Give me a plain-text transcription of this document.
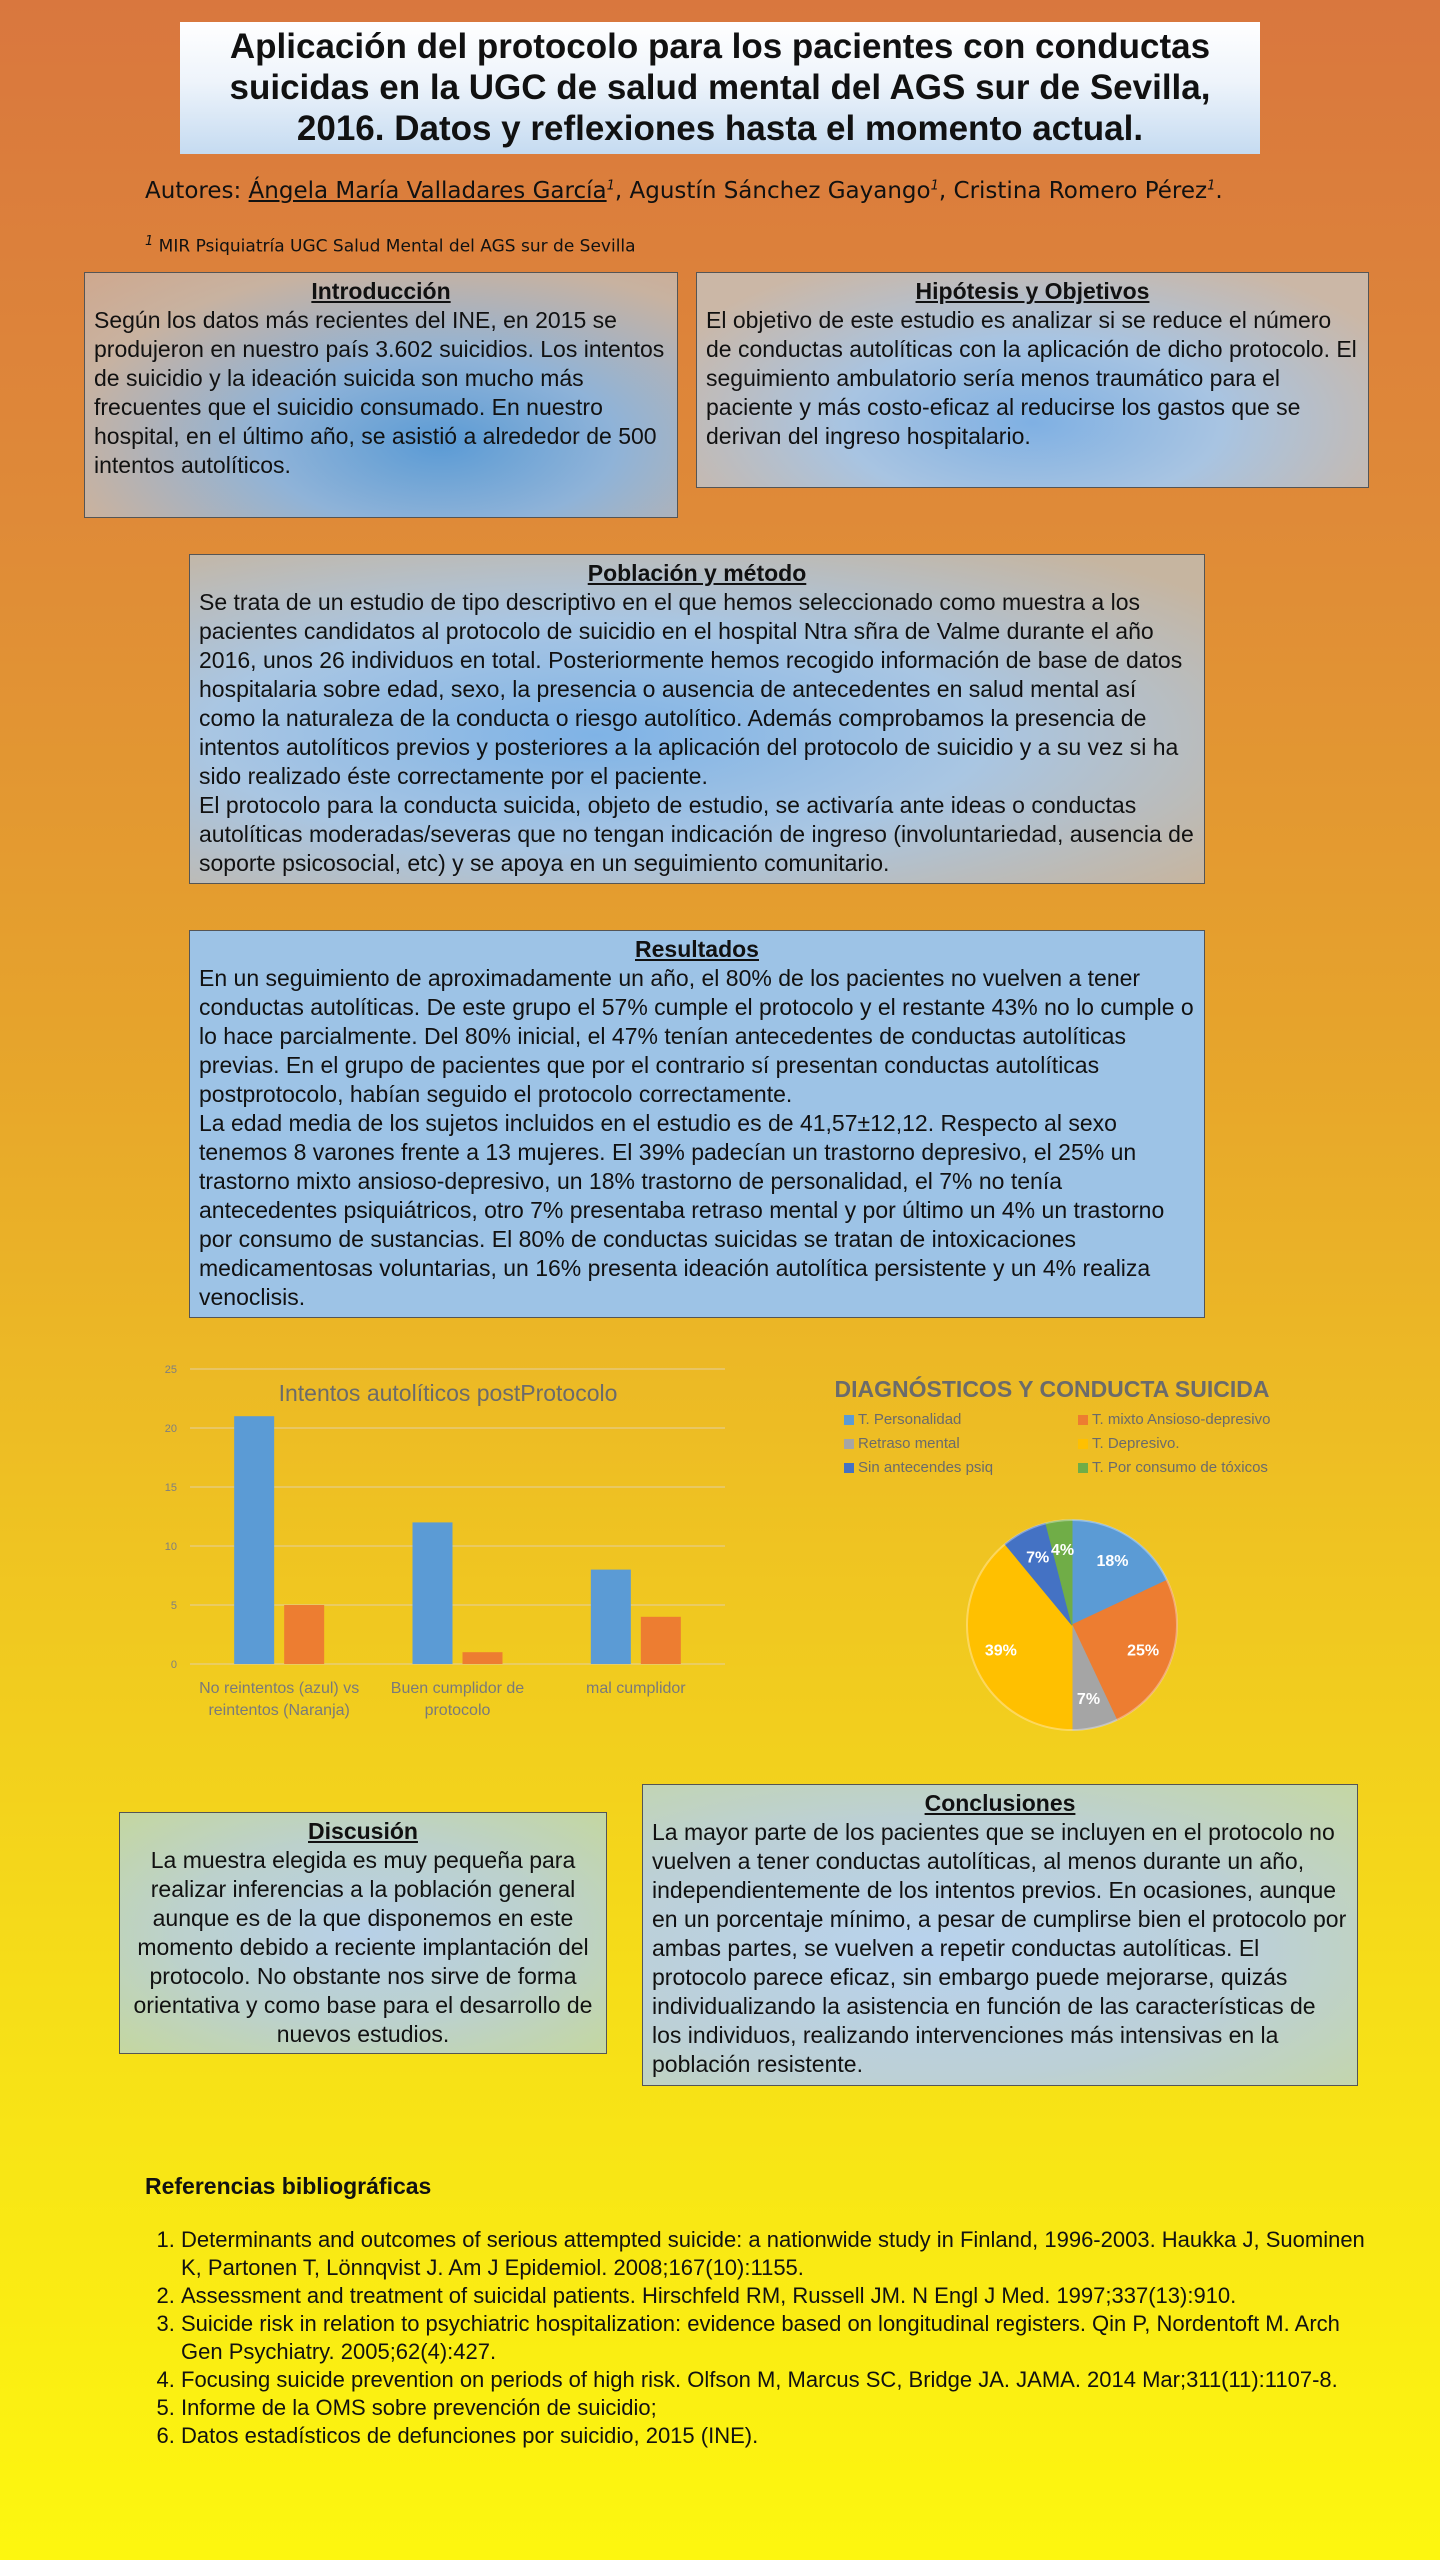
Aplicación del protocolo para los pacientes con conductas
suicidas en la UGC de salud mental del AGS sur de Sevilla,
2016. Datos y reflexiones hasta el momento actual.
Autores: Ángela María Valladares García$^1$, Agustín Sánchez Gayango$^1$, Cristina Romero Pérez$^1$.
$^1$ MIR Psiquiatría UGC Salud Mental del AGS sur de Sevilla
Introducción

Según los datos más recientes del INE, en 2015 se produjeron en nuestro país 3.602 suicidios. Los intentos de suicidio y la ideación suicida son mucho más frecuentes que el suicidio consumado. En nuestro hospital, en el último año, se asistió a alrededor de 500 intentos autolíticos.

Hipótesis y Objetivos

El objetivo de este estudio es analizar si se reduce el número de conductas autolíticas con la aplicación de dicho protocolo. El seguimiento ambulatorio sería menos traumático para el paciente y más costo-eficaz al reducirse los gastos que se derivan del ingreso hospitalario.

Población y método

Se trata de un estudio de tipo descriptivo en el que hemos seleccionado como muestra a los pacientes candidatos al protocolo de suicidio en el hospital Ntra sñra de Valme durante el año 2016, unos 26 individuos en total. Posteriormente hemos recogido información de base de datos hospitalaria sobre edad, sexo, la presencia o ausencia de antecedentes en salud mental así como la naturaleza de la conducta o riesgo autolítico. Además comprobamos la presencia de intentos autolíticos previos y posteriores a la aplicación del protocolo de suicidio y a su vez si ha sido realizado éste correctamente por el paciente.

El protocolo para la conducta suicida, objeto de estudio, se activaría ante ideas o conductas autolíticas moderadas/severas que no tengan indicación de ingreso (involuntariedad, ausencia de soporte psicosocial, etc) y se apoya en un seguimiento comunitario.

Resultados

En un seguimiento de aproximadamente un año, el 80% de los pacientes no vuelven a tener conductas autolíticas. De este grupo el 57% cumple el protocolo y el restante 43% no lo cumple o lo hace parcialmente. Del 80% inicial, el 47% tenían antecedentes de conductas autolíticas previas. En el grupo de pacientes que por el contrario sí presentan conductas autolíticas postprotocolo, habían seguido el protocolo correctamente.

La edad media de los sujetos incluidos en el estudio es de 41,57±12,12. Respecto al sexo tenemos 8 varones frente a 13 mujeres. El 39% padecían un trastorno depresivo, el 25% un trastorno mixto ansioso-depresivo, un 18% trastorno de personalidad, el 7% no tenía antecedentes psiquiátricos, otro 7% presentaba retraso mental y por último un 4% un trastorno por consumo de sustancias. El 80% de conductas suicidas se tratan de intoxicaciones medicamentosas voluntarias, un 16% presenta ideación autolítica persistente y un 4% realiza venoclisis.

0
5
10
15
20
25
Intentos autolíticos postProtocolo
No reintentos (azul) vs
reintentos (Naranja)
Buen cumplidor de
protocolo
mal cumplidor
DIAGNÓSTICOS Y CONDUCTA SUICIDA
T. Personalidad	T. mixto Ansioso-depresivo
Retraso mental	T. Depresivo.
Sin antecendes psiq	T. Por consumo de tóxicos
18%
25%
7%
39%
7% 4%
Discusión

La muestra elegida es muy pequeña para realizar inferencias a la población general aunque es de la que disponemos en este momento debido a reciente implantación del protocolo. No obstante nos sirve de forma orientativa y como base para el desarrollo de nuevos estudios.

Conclusiones

La mayor parte de los pacientes que se incluyen en el protocolo no vuelven a tener conductas autolíticas, al menos durante un año, independientemente de los intentos previos. En ocasiones, aunque en un porcentaje mínimo, a pesar de cumplirse bien el protocolo por ambas partes, se vuelven a repetir conductas autolíticas. El protocolo parece eficaz, sin embargo puede mejorarse, quizás individualizando la asistencia en función de las características de los individuos, realizando intervenciones más intensivas en la población resistente.

Referencias bibliográficas
1. Determinants and outcomes of serious attempted suicide: a nationwide study in Finland, 1996-2003. Haukka J, Suominen K, Partonen T, Lönnqvist J. Am J Epidemiol. 2008;167(10):1155.
2. Assessment and treatment of suicidal patients. Hirschfeld RM, Russell JM. N Engl J Med. 1997;337(13):910.
3. Suicide risk in relation to psychiatric hospitalization: evidence based on longitudinal registers. Qin P, Nordentoft M. Arch Gen Psychiatry. 2005;62(4):427.
4. Focusing suicide prevention on periods of high risk. Olfson M, Marcus SC, Bridge JA. JAMA. 2014 Mar;311(11):1107-8.
5. Informe de la OMS sobre prevención de suicidio;
6. Datos estadísticos de defunciones por suicidio, 2015 (INE).
